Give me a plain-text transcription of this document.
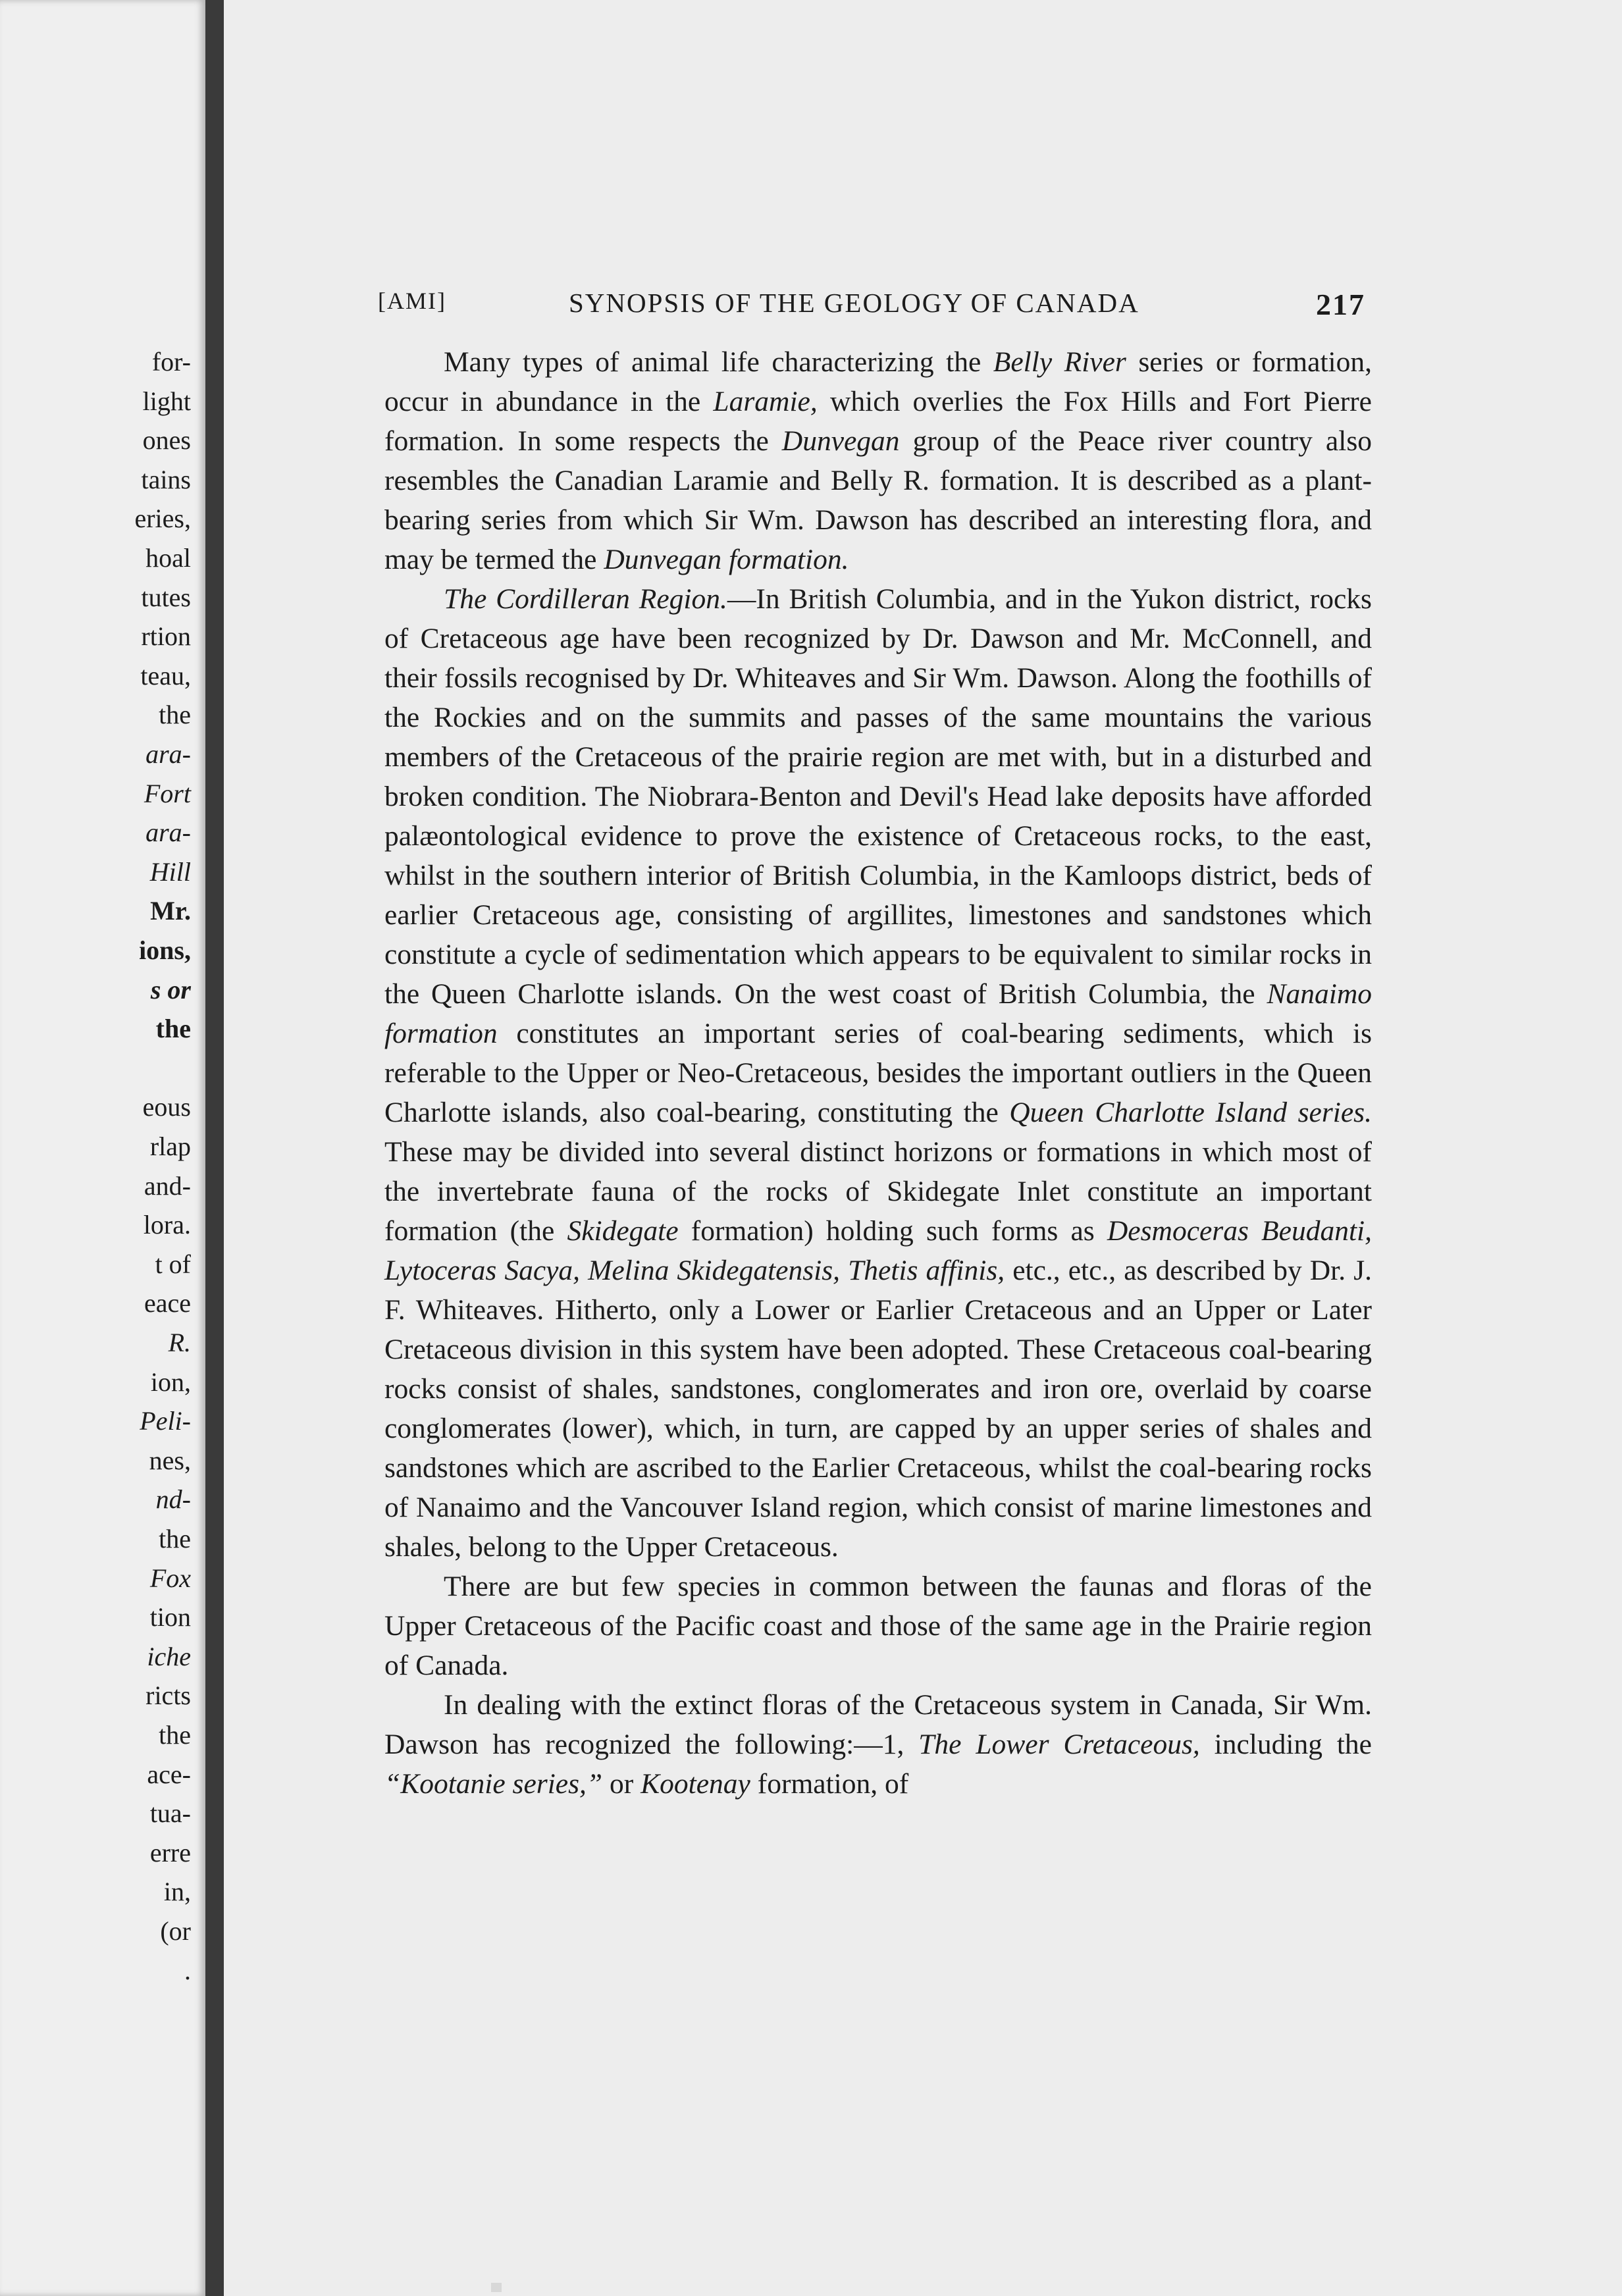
for-
light
ones
tains
eries,
hoal
tutes
rtion
teau,
the
ara-
Fort
ara-
Hill
Mr.
ions,
s or
the
eous
rlap
and-
lora.
t of
eace
R.
ion,
Peli-
nes,
nd-
the
Fox
tion
iche
ricts
the
ace-
tua-
erre
in,
(or
.
[AMI]	SYNOPSIS OF THE GEOLOGY OF CANADA	217

Many types of animal life characterizing the Belly River series or formation, occur in abundance in the Laramie, which overlies the Fox Hills and Fort Pierre formation. In some respects the Dunvegan group of the Peace river country also resembles the Canadian Laramie and Belly R. formation. It is described as a plant-bearing series from which Sir Wm. Dawson has described an interesting flora, and may be termed the Dunvegan formation.

The Cordilleran Region.—In British Columbia, and in the Yukon district, rocks of Cretaceous age have been recognized by Dr. Dawson and Mr. McConnell, and their fossils recognised by Dr. Whiteaves and Sir Wm. Dawson. Along the foothills of the Rockies and on the summits and passes of the same mountains the various members of the Cretaceous of the prairie region are met with, but in a disturbed and broken condition. The Niobrara-Benton and Devil's Head lake deposits have afforded palæontological evidence to prove the existence of Cretaceous rocks, to the east, whilst in the southern interior of British Columbia, in the Kamloops district, beds of earlier Cretaceous age, consisting of argillites, limestones and sandstones which constitute a cycle of sedimentation which appears to be equivalent to similar rocks in the Queen Charlotte islands. On the west coast of British Columbia, the Nanaimo formation constitutes an important series of coal-bearing sediments, which is referable to the Upper or Neo-Cretaceous, besides the important outliers in the Queen Charlotte islands, also coal-bearing, constituting the Queen Charlotte Island series. These may be divided into several distinct horizons or formations in which most of the invertebrate fauna of the rocks of Skidegate Inlet constitute an important formation (the Skidegate formation) holding such forms as Desmoceras Beudanti, Lytoceras Sacya, Melina Skidegatensis, Thetis affinis, etc., etc., as described by Dr. J. F. Whiteaves. Hitherto, only a Lower or Earlier Cretaceous and an Upper or Later Cretaceous division in this system have been adopted. These Cretaceous coal-bearing rocks consist of shales, sandstones, conglomerates and iron ore, overlaid by coarse conglomerates (lower), which, in turn, are capped by an upper series of shales and sandstones which are ascribed to the Earlier Cretaceous, whilst the coal-bearing rocks of Nanaimo and the Vancouver Island region, which consist of marine limestones and shales, belong to the Upper Cretaceous.

There are but few species in common between the faunas and floras of the Upper Cretaceous of the Pacific coast and those of the same age in the Prairie region of Canada.

In dealing with the extinct floras of the Cretaceous system in Canada, Sir Wm. Dawson has recognized the following:—1, The Lower Cretaceous, including the “Kootanie series,” or Kootenay formation, of
